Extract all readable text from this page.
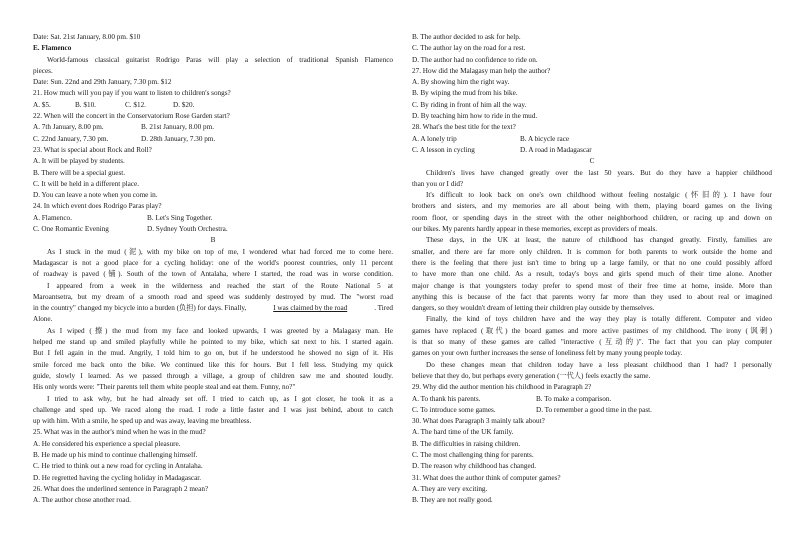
Date: Sat. 21st January, 8.00 pm. $10
E. Flamenco
World-famous classical guitarist Rodrigo Paras will play a selection of traditional Spanish Flamenco
pieces.
Date: Sun. 22nd and 29th January, 7.30 pm. $12
21. How much will you pay if you want to listen to children's songs?
A. $5.	B. $10.	C. $12.	D. $20.
22. When will the concert in the Conservatorium Rose Garden start?
A. 7th January, 8.00 pm.	B. 21st January, 8.00 pm.
C. 22nd January, 7.30 pm.	D. 28th January, 7.30 pm.
23. What is special about Rock and Roll?
A. It will be played by students.
B. There will be a special guest.
C. It will be held in a different place.
D. You can leave a note when you come in.
24. In which event does Rodrigo Paras play?
A. Flamenco.	B. Let's Sing Together.
C. One Romantic Evening	D. Sydney Youth Orchestra.
B
As I stuck in the mud (泥), with my bike on top of me, I wondered what had forced me to come here.
Madagascar is not a good place for a cycling holiday: one of the world's poorest countries, only 11 percent
of roadway is paved (铺). South of the town of Antalaha, where I started, the road was in worse condition.
I appeared from a week in the wilderness and reached the start of the Route National 5 at
Maroantsetra, but my dream of a smooth road and speed was suddenly destroyed by mud. The "worst road
in the country" changed my bicycle into a burden (负担) for days. Finally,	I was claimed by the road	. Tired
Alone.
As I wiped (擦) the mud from my face and looked upwards, I was greeted by a Malagasy man. He
helped me stand up and smiled playfully while he pointed to my bike, which sat next to his. I started again.
But I fell again in the mud. Angrily, I told him to go on, but if he understood he showed no sign of it. His
smile forced me back onto the bike. We continued like this for hours. But I fell less. Studying my quick
guide, slowly I learned. As we passed through a village, a group of children saw me and shouted loudly.
His only words were: "Their parents tell them white people steal and eat them. Funny, no?"
I tried to ask why, but he had already set off. I tried to catch up, as I got closer, he took it as a
challenge and sped up. We raced along the road. I rode a little faster and I was just behind, about to catch
up with him. With a smile, he sped up and was away, leaving me breathless.
25. What was in the author's mind when he was in the mud?
A. He considered his experience a special pleasure.
B. He made up his mind to continue challenging himself.
C. He tried to think out a new road for cycling in Antalaha.
D. He regretted having the cycling holiday in Madagascar.
26. What does the underlined sentence in Paragraph 2 mean?
A. The author chose another road.
B. The author decided to ask for help.
C. The author lay on the road for a rest.
D. The author had no confidence to ride on.
27. How did the Malagasy man help the author?
A. By showing him the right way.
B. By wiping the mud from his bike.
C. By riding in front of him all the way.
D. By teaching him how to ride in the mud.
28. What's the best title for the text?
A. A lonely trip	B. A bicycle race
C. A lesson in cycling	D. A road in Madagascar
C
Children's lives have changed greatly over the last 50 years. But do they have a happier childhood
than you or I did?
It's difficult to look back on one's own childhood without feeling nostalgic (怀旧的). I have four
brothers and sisters, and my memories are all about being with them, playing board games on the living
room floor, or spending days in the street with the other neighborhood children, or racing up and down on
our bikes. My parents hardly appear in these memories, except as providers of meals.
These days, in the UK at least, the nature of childhood has changed greatly. Firstly, families are
smaller, and there are far more only children. It is common for both parents to work outside the home and
there is the feeling that there just isn't time to bring up a large family, or that no one could possibly afford
to have more than one child. As a result, today's boys and girls spend much of their time alone. Another
major change is that youngsters today prefer to spend most of their free time at home, inside. More than
anything this is because of the fact that parents worry far more than they used to about real or imagined
dangers, so they wouldn't dream of letting their children play outside by themselves.
Finally, the kind of toys children have and the way they play is totally different. Computer and video
games have replaced (取代) the board games and more active pastimes of my childhood. The irony (讽刺)
is that so many of these games are called "interactive (互动的)". The fact that you can play computer
games on your own further increases the sense of loneliness felt by many young people today.
Do these changes mean that children today have a less pleasant childhood than I had? I personally
believe that they do, but perhaps every generation (一代人) feels exactly the same.
29. Why did the author mention his childhood in Paragraph 2?
A. To thank his parents.	B. To make a comparison.
C. To introduce some games.	D. To remember a good time in the past.
30. What does Paragraph 3 mainly talk about?
A. The hard time of the UK family.
B. The difficulties in raising children.
C. The most challenging thing for parents.
D. The reason why childhood has changed.
31. What does the author think of computer games?
A. They are very exciting.
B. They are not really good.
